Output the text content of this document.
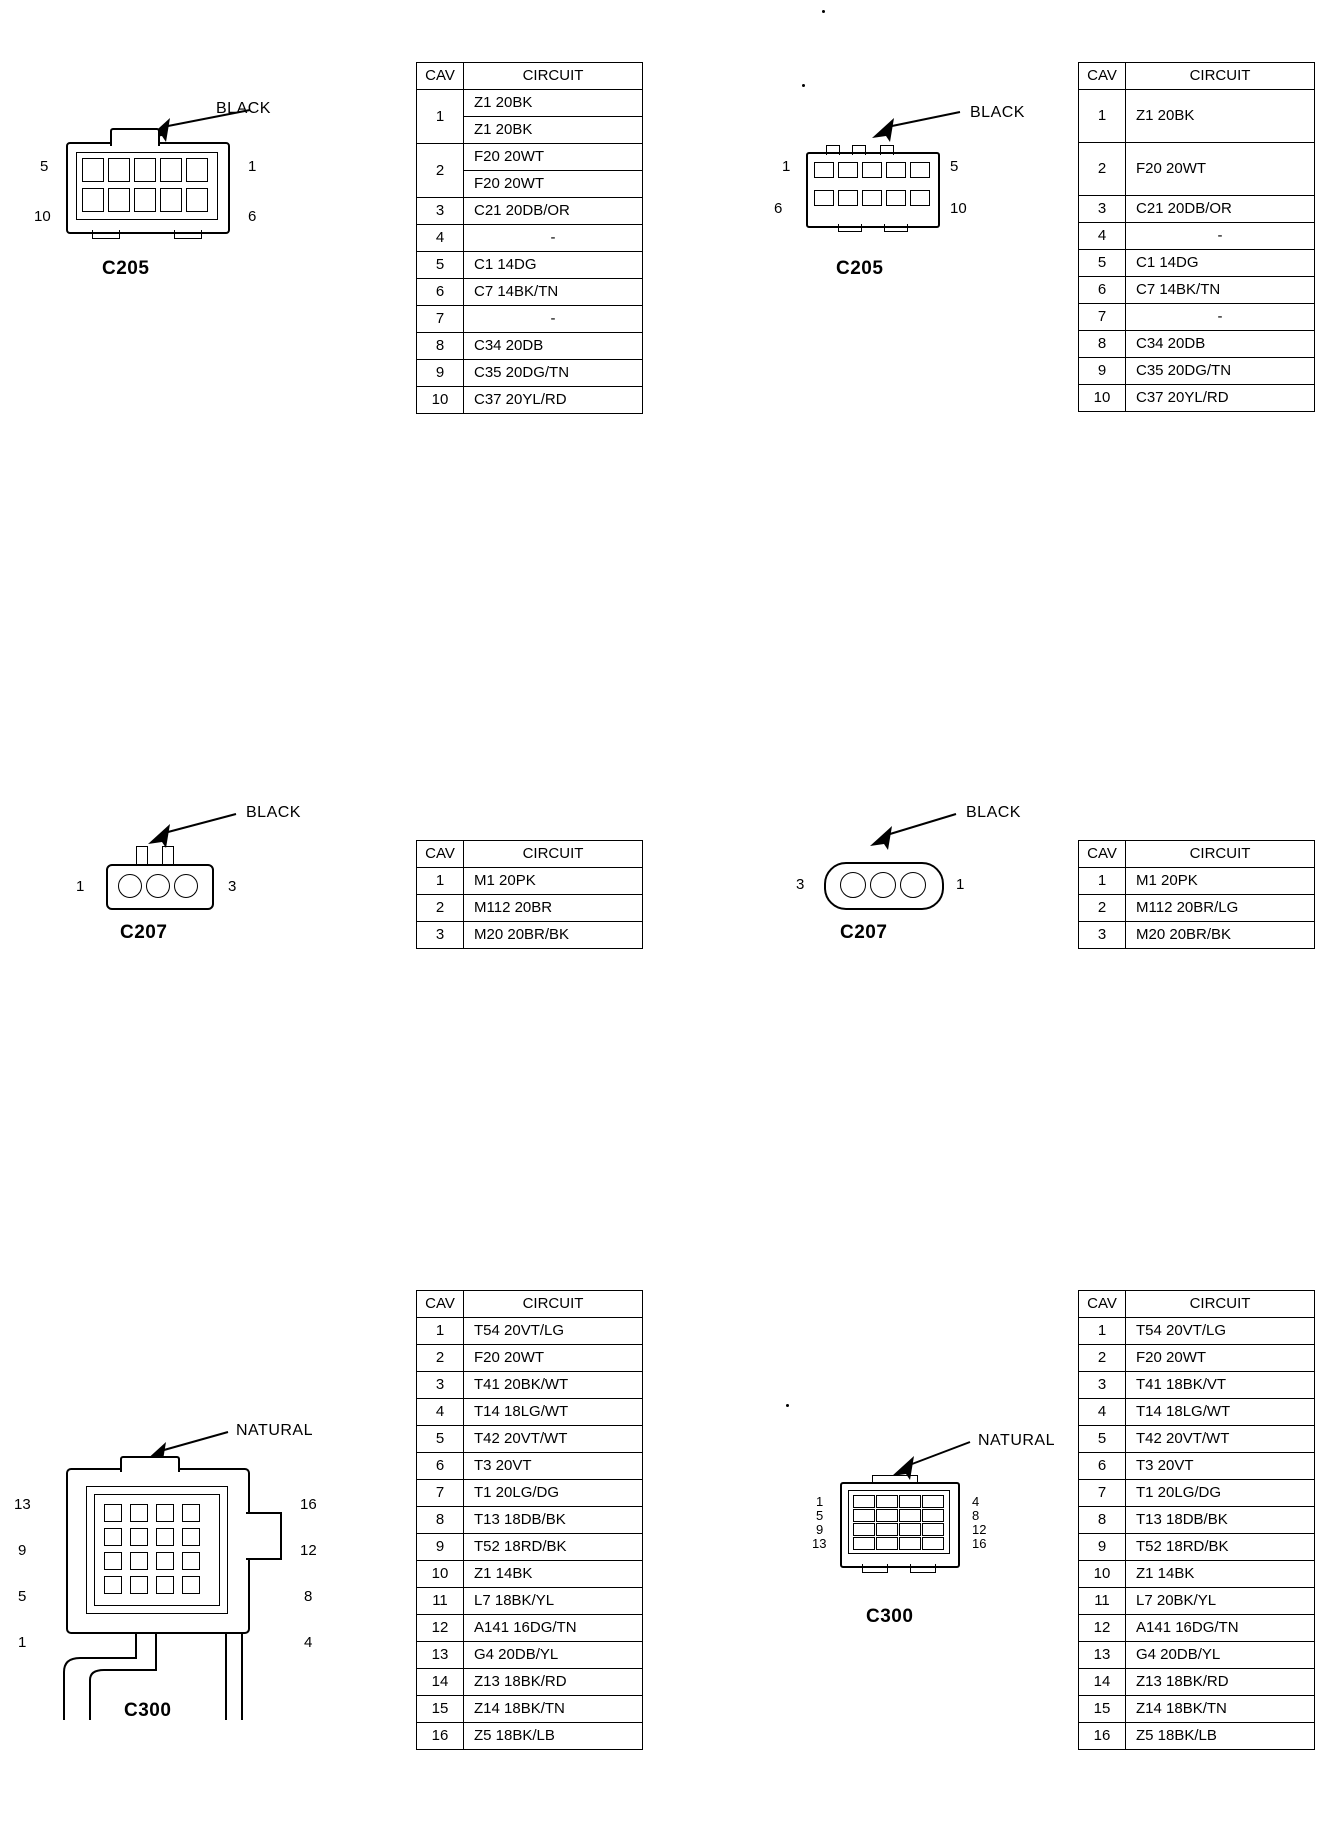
BLACK
5	1
10	6
C205
CAV	CIRCUIT
1	Z1 20BK
	Z1 20BK
2	F20 20WT
	F20 20WT
3	C21 20DB/OR
4	-
5	C1 14DG
6	C7 14BK/TN
7	-
8	C34 20DB
9	C35 20DG/TN
10	C37 20YL/RD
BLACK
1	5
6	10
C205
CAV	CIRCUIT
1	Z1 20BK
2	F20 20WT
3	C21 20DB/OR
4	-
5	C1 14DG
6	C7 14BK/TN
7	-
8	C34 20DB
9	C35 20DG/TN
10	C37 20YL/RD
BLACK
1	3
C207
CAV	CIRCUIT
1	M1 20PK
2	M112 20BR
3	M20 20BR/BK
BLACK
3	1
C207
CAV	CIRCUIT
1	M1 20PK
2	M112 20BR/LG
3	M20 20BR/BK
NATURAL
13	16
9	12
5	8
1	4
C300
CAV	CIRCUIT
1	T54 20VT/LG
2	F20 20WT
3	T41 20BK/WT
4	T14 18LG/WT
5	T42 20VT/WT
6	T3 20VT
7	T1 20LG/DG
8	T13 18DB/BK
9	T52 18RD/BK
10	Z1 14BK
11	L7 18BK/YL
12	A141 16DG/TN
13	G4 20DB/YL
14	Z13 18BK/RD
15	Z14 18BK/TN
16	Z5 18BK/LB
NATURAL
1
5
9
13
4
8
12
16
C300
CAV	CIRCUIT
1	T54 20VT/LG
2	F20 20WT
3	T41 18BK/VT
4	T14 18LG/WT
5	T42 20VT/WT
6	T3 20VT
7	T1 20LG/DG
8	T13 18DB/BK
9	T52 18RD/BK
10	Z1 14BK
11	L7 20BK/YL
12	A141 16DG/TN
13	G4 20DB/YL
14	Z13 18BK/RD
15	Z14 18BK/TN
16	Z5 18BK/LB
